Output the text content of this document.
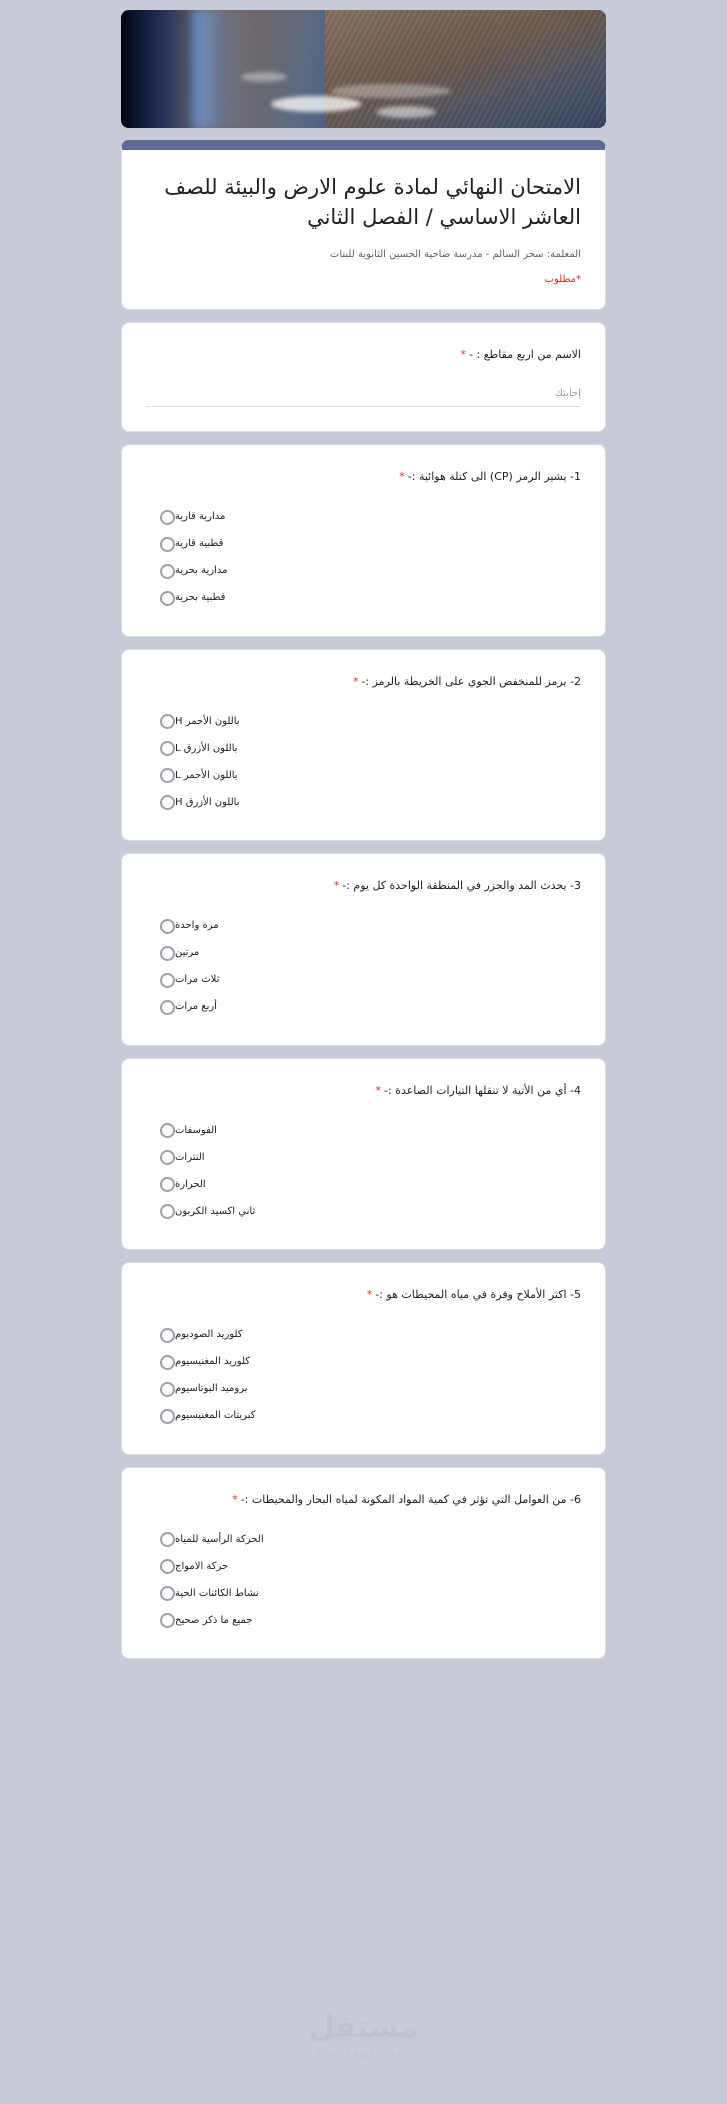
الامتحان النهائي لمادة علوم الارض والبيئة للصف العاشر الاساسي / الفصل الثاني

المعلمة: سحر السالم - مدرسة ضاحية الحسين الثانوية للبنات

*مطلوب

الاسم من اربع مقاطع : -*

إجابتك

1- يشير الرمز (CP) الى كتلة هوائية :-*

مدارية قارية
قطبية قارية
مدارية بحرية
قطبية بحرية

2- يرمز للمنخفض الجوي على الخريطة بالرمز :-*

باللون الأحمر H
باللون الأزرق L
باللون الأحمر L
باللون الأزرق H

3- يحدث المد والجزر في المنطقة الواحدة كل يوم :-*

مرة واحدة
مرتين
ثلاث مرات
أربع مرات

4- أي من الأتية لا تنقلها التيارات الصاعدة :-*

الفوسفات
النترات
الحرارة
ثاني اكسيد الكربون

5- اكثر الأملاح وفرة في مياه المحيطات هو :-*

كلوريد الصوديوم
كلوريد المغنيسيوم
بروميد البوتاسيوم
كبريتات المغنيسيوم

6- من العوامل التي تؤثر في كمية المواد المكونة لمياه البحار والمحيطات :-*

الحركة الرأسية للمياه
حركة الامواج
نشاط الكائنات الحية
جميع ما ذكر صحيح
مستقل
mostaql.com
